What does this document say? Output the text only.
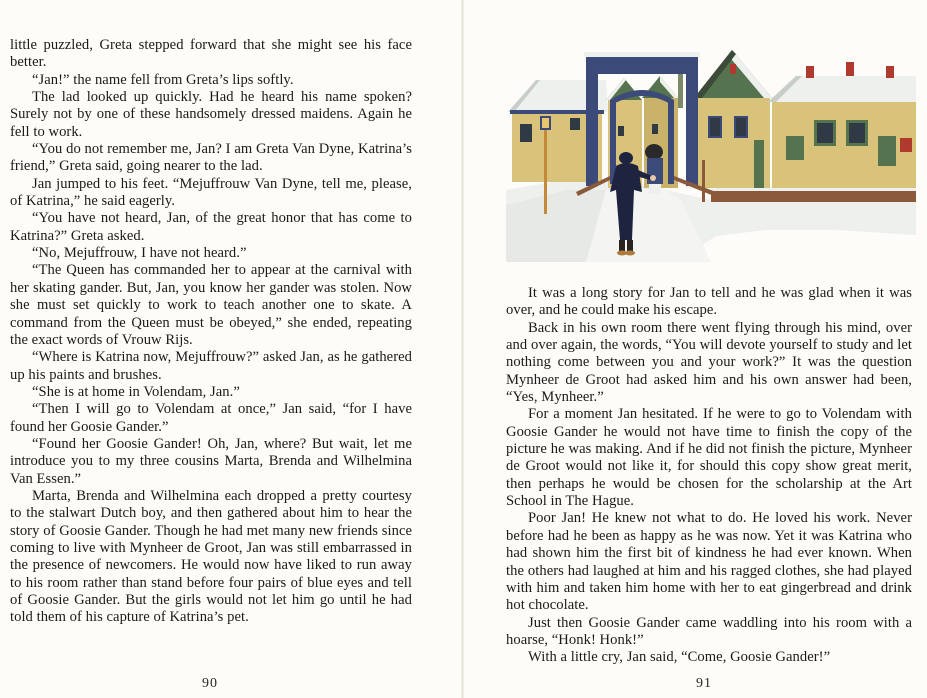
little puzzled, Greta stepped forward that she might see his face better.

“Jan!” the name fell from Greta’s lips softly.

The lad looked up quickly. Had he heard his name spoken? Surely not by one of these handsomely dressed maidens. Again he fell to work.

“You do not remember me, Jan? I am Greta Van Dyne, Katrina’s friend,” Greta said, going nearer to the lad.

Jan jumped to his feet. “Mejuffrouw Van Dyne, tell me, please, of Katrina,” he said eagerly.

“You have not heard, Jan, of the great honor that has come to Katrina?” Greta asked.

“No, Mejuffrouw, I have not heard.”

“The Queen has commanded her to appear at the carnival with her skating gander. But, Jan, you know her gander was stolen. Now she must set quickly to work to teach another one to skate. A command from the Queen must be obeyed,” she ended, repeating the exact words of Vrouw Rijs.

“Where is Katrina now, Mejuffrouw?” asked Jan, as he gathered up his paints and brushes.

“She is at home in Volendam, Jan.”

“Then I will go to Volendam at once,” Jan said, “for I have found her Goosie Gander.”

“Found her Goosie Gander! Oh, Jan, where? But wait, let me introduce you to my three cousins Marta, Brenda and Wilhelmina Van Essen.”

Marta, Brenda and Wilhelmina each dropped a pretty courtesy to the stalwart Dutch boy, and then gathered about him to hear the story of Goosie Gander. Though he had met many new friends since coming to live with Mynheer de Groot, Jan was still embarrassed in the presence of newcomers. He would now have liked to run away to his room rather than stand before four pairs of blue eyes and tell of Goosie Gander. But the girls would not let him go until he had told them of his capture of Katrina’s pet.

90

It was a long story for Jan to tell and he was glad when it was over, and he could make his escape.

Back in his own room there went flying through his mind, over and over again, the words, “You will devote yourself to study and let nothing come between you and your work?” It was the question Mynheer de Groot had asked him and his own answer had been, “Yes, Mynheer.”

For a moment Jan hesitated. If he were to go to Volendam with Goosie Gander he would not have time to finish the copy of the picture he was making. And if he did not finish the picture, Mynheer de Groot would not like it, for should this copy show great merit, then perhaps he would be chosen for the scholarship at the Art School in The Hague.

Poor Jan! He knew not what to do. He loved his work. Never before had he been as happy as he was now. Yet it was Katrina who had shown him the first bit of kindness he had ever known. When the others had laughed at him and his ragged clothes, she had played with him and taken him home with her to eat gingerbread and drink hot chocolate.

Just then Goosie Gander came waddling into his room with a hoarse, “Honk! Honk!”

With a little cry, Jan said, “Come, Goosie Gander!”

91
